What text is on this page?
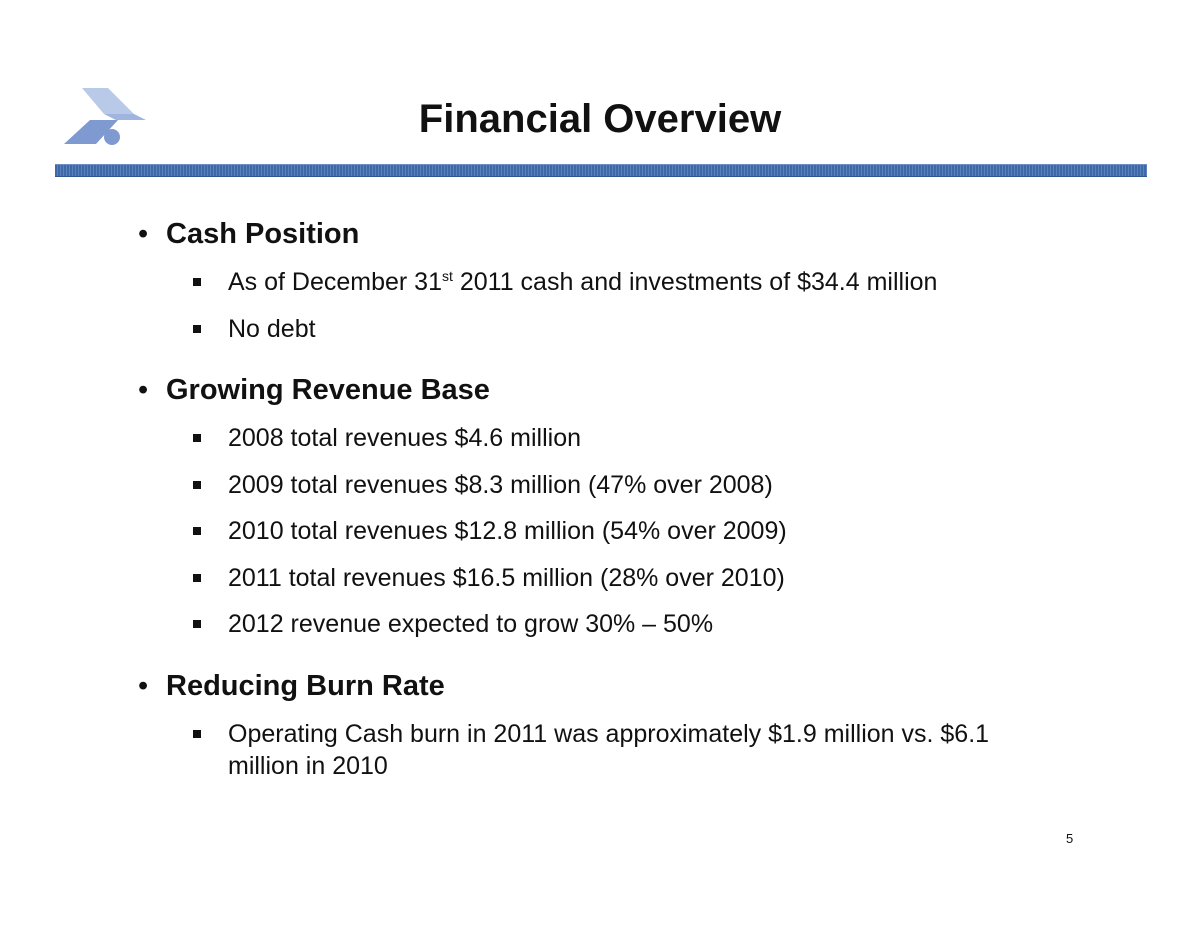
Financial Overview
• Cash Position
As of December 31st 2011 cash and investments of $34.4 million
No debt
• Growing Revenue Base
2008 total revenues $4.6 million
2009 total revenues $8.3 million (47% over 2008)
2010 total revenues $12.8 million (54% over 2009)
2011 total revenues $16.5 million (28% over 2010)
2012 revenue expected to grow 30% – 50%
• Reducing Burn Rate
Operating Cash burn in 2011 was approximately $1.9 million vs. $6.1 million in 2010
5
